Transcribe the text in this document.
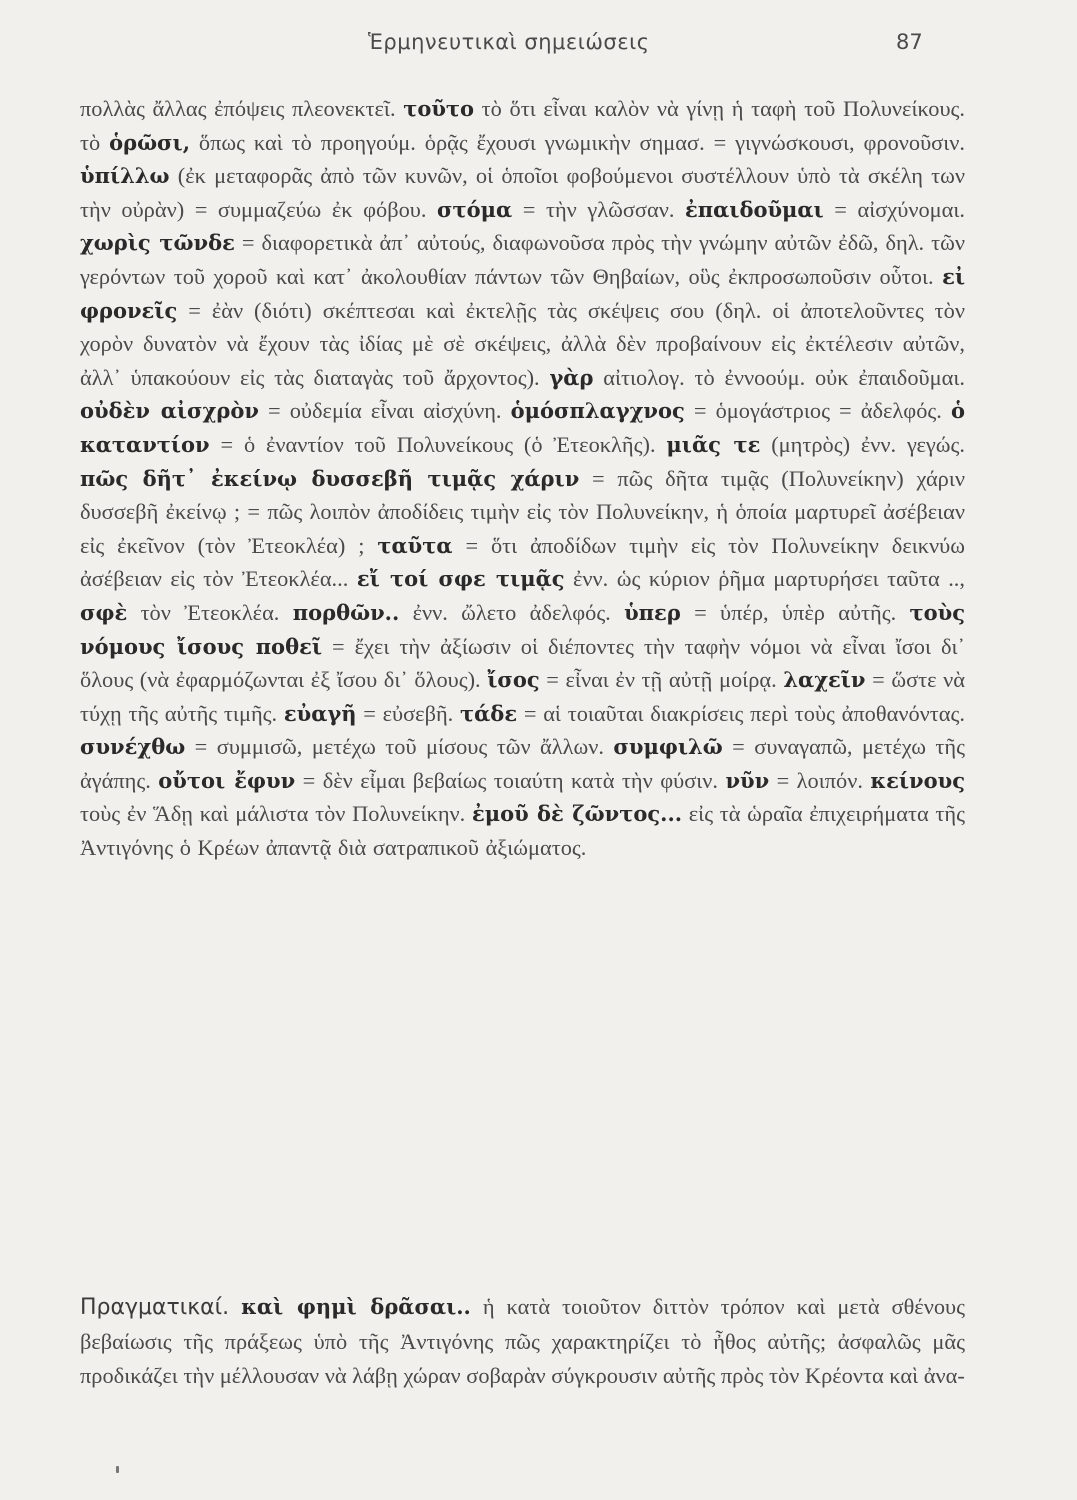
Ἑρμηνευτικαὶ σημειώσεις	87
πολλὰς ἄλλας ἐπόψεις πλεονεκτεῖ. τοῦτο τὸ ὅτι εἶναι καλὸν νὰ γίνῃ ἡ ταφὴ τοῦ Πολυνείκους. τὸ ὁρῶσι, ὅπως καὶ τὸ προηγούμ. ὁρᾷς ἔχουσι γνωμικὴν σημασ. = γιγνώσκουσι, φρονοῦσιν. ὑπίλλω (ἐκ μεταφορᾶς ἀπὸ τῶν κυνῶν, οἱ ὁποῖοι φοβούμενοι συστέλλουν ὑπὸ τὰ σκέλη των τὴν οὐρὰν) = συμμαζεύω ἐκ φόβου. στόμα = τὴν γλῶσσαν. ἐπαιδοῦμαι = αἰσχύνομαι. χωρὶς τῶνδε = διαφορετικὰ ἀπ᾽ αὐτούς, διαφωνοῦσα πρὸς τὴν γνώμην αὐτῶν ἐδῶ, δηλ. τῶν γερόντων τοῦ χοροῦ καὶ κατ᾽ ἀκολουθίαν πάντων τῶν Θηβαίων, οὓς ἐκπροσωποῦσιν οὗτοι. εἰ φρονεῖς = ἐὰν (διότι) σκέπτεσαι καὶ ἐκτελῇς τὰς σκέψεις σου (δηλ. οἱ ἀποτελοῦντες τὸν χορὸν δυνατὸν νὰ ἔχουν τὰς ἰδίας μὲ σὲ σκέψεις, ἀλλὰ δὲν προβαίνουν εἰς ἐκτέλεσιν αὐτῶν, ἀλλ᾽ ὑπακούουν εἰς τὰς διαταγὰς τοῦ ἄρχοντος). γὰρ αἰτιολογ. τὸ ἐννοούμ. οὐκ ἐπαιδοῦμαι. οὐδὲν αἰσχρὸν = οὐδεμία εἶναι αἰσχύνη. ὁμόσπλαγχνος = ὁμογάστριος = ἀδελφός. ὁ καταντίον = ὁ ἐναντίον τοῦ Πολυνείκους (ὁ Ἐτεοκλῆς). μιᾶς τε (μητρὸς) ἐνν. γεγώς. πῶς δῆτ᾽ ἐκείνῳ δυσσεβῆ τιμᾷς χάριν = πῶς δῆτα τιμᾷς (Πολυνείκην) χάριν δυσσεβῆ ἐκείνῳ ; = πῶς λοιπὸν ἀποδίδεις τιμὴν εἰς τὸν Πολυνείκην, ἡ ὁποία μαρτυρεῖ ἀσέβειαν εἰς ἐκεῖνον (τὸν Ἐτεοκλέα) ; ταῦτα = ὅτι ἀποδίδων τιμὴν εἰς τὸν Πολυνείκην δεικνύω ἀσέβειαν εἰς τὸν Ἐτεοκλέα... εἴ τοί σφε τιμᾷς ἐνν. ὡς κύριον ῥῆμα μαρτυρήσει ταῦτα .., σφὲ τὸν Ἐτεοκλέα. πορθῶν.. ἐνν. ὤλετο ἀδελφός. ὑπερ = ὑπέρ, ὑπὲρ αὐτῆς. τοὺς νόμους ἴσους ποθεῖ = ἔχει τὴν ἀξίωσιν οἱ διέποντες τὴν ταφὴν νόμοι νὰ εἶναι ἴσοι δι᾽ ὅλους (νὰ ἐφαρμόζωνται ἐξ ἴσου δι᾽ ὅλους). ἴσος = εἶναι ἐν τῇ αὐτῇ μοίρᾳ. λαχεῖν = ὥστε νὰ τύχῃ τῆς αὐτῆς τιμῆς. εὐαγῆ = εὐσεβῆ. τάδε = αἱ τοιαῦται διακρίσεις περὶ τοὺς ἀποθανόντας. συνέχθω = συμμισῶ, μετέχω τοῦ μίσους τῶν ἄλλων. συμφιλῶ = συναγαπῶ, μετέχω τῆς ἀγάπης. οὔτοι ἔφυν = δὲν εἶμαι βεβαίως τοιαύτη κατὰ τὴν φύσιν. νῦν = λοιπόν. κείνους τοὺς ἐν Ἅδῃ καὶ μάλιστα τὸν Πολυνείκην. ἐμοῦ δὲ ζῶντος... εἰς τὰ ὡραῖα ἐπιχειρήματα τῆς Ἀντιγόνης ὁ Κρέων ἀπαντᾷ διὰ σατραπικοῦ ἀξιώματος.
Πραγματικαί. καὶ φημὶ δρᾶσαι.. ἡ κατὰ τοιοῦτον διττὸν τρόπον καὶ μετὰ σθένους βεβαίωσις τῆς πράξεως ὑπὸ τῆς Ἀντιγόνης πῶς χαρακτηρίζει τὸ ἦθος αὐτῆς; ἀσφαλῶς μᾶς προδικάζει τὴν μέλλουσαν νὰ λάβῃ χώραν σοβαρὰν σύγκρουσιν αὐτῆς πρὸς τὸν Κρέοντα καὶ ἀνα-
